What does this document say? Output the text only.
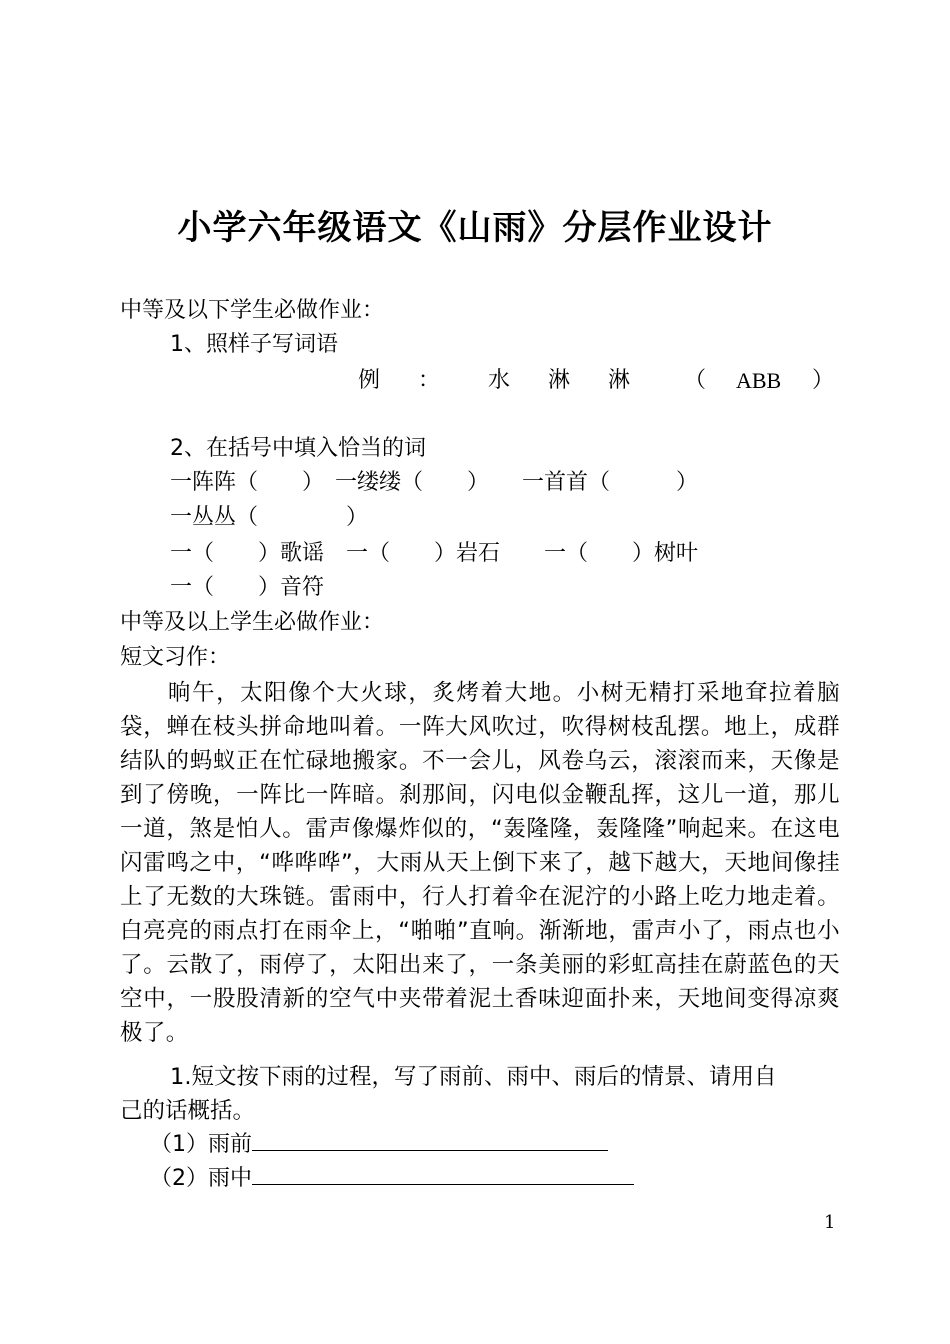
小学六年级语文《山雨》分层作业设计
中等及以下学生必做作业：
1、照样子写词语
例 ： 水 淋 淋 （ ABB ）
2、在括号中填入恰当的词
一阵阵（　　）　一缕缕（　　）　　一首首（　　　）
一丛丛（　　　　）
一（　　）歌谣　一（　　）岩石　　一（　　）树叶
一（　　）音符
中等及以上学生必做作业：
短文习作：
晌午，太阳像个大火球，炙烤着大地。小树无精打采地耷拉着脑袋，蝉在枝头拼命地叫着。一阵大风吹过，吹得树枝乱摆。地上，成群结队的蚂蚁正在忙碌地搬家。不一会儿，风卷乌云，滚滚而来，天像是到了傍晚，一阵比一阵暗。刹那间，闪电似金鞭乱挥，这儿一道，那儿一道，煞是怕人。雷声像爆炸似的，“轰隆隆，轰隆隆”响起来。在这电闪雷鸣之中，“哗哗哗”，大雨从天上倒下来了，越下越大，天地间像挂上了无数的大珠链。雷雨中，行人打着伞在泥泞的小路上吃力地走着。白亮亮的雨点打在雨伞上，“啪啪”直响。渐渐地，雷声小了，雨点也小了。云散了，雨停了，太阳出来了，一条美丽的彩虹高挂在蔚蓝色的天空中，一股股清新的空气中夹带着泥土香味迎面扑来，天地间变得凉爽极了。
1.短文按下雨的过程，写了雨前、雨中、雨后的情景、请用自
己的话概括。
（1）雨前
（2）雨中
1
